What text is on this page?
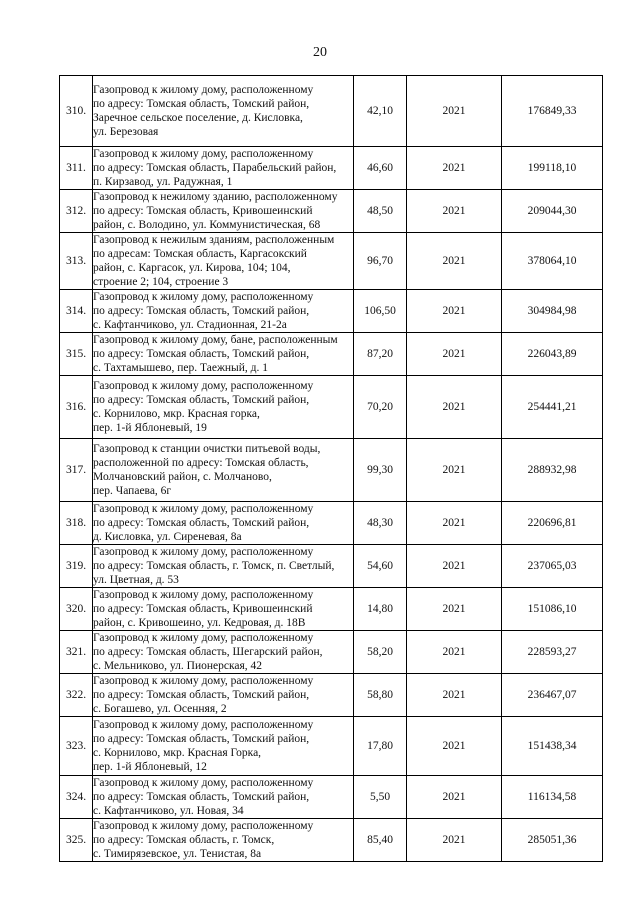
20
310.	Газопровод к жилому дому, расположенному
по адресу: Томская область, Томский район,
Заречное сельское поселение, д. Кисловка,
ул. Березовая	42,10	2021	176849,33
311.	Газопровод к жилому дому, расположенному
по адресу: Томская область, Парабельский район,
п. Кирзавод, ул. Радужная, 1	46,60	2021	199118,10
312.	Газопровод к нежилому зданию, расположенному
по адресу: Томская область, Кривошеинский
район, с. Володино, ул. Коммунистическая, 68	48,50	2021	209044,30
313.	Газопровод к нежилым зданиям, расположенным
по адресам: Томская область, Каргасокский
район, с. Каргасок, ул. Кирова, 104; 104,
строение 2; 104, строение 3	96,70	2021	378064,10
314.	Газопровод к жилому дому, расположенному
по адресу: Томская область, Томский район,
с. Кафтанчиково, ул. Стадионная, 21-2а	106,50	2021	304984,98
315.	Газопровод к жилому дому, бане, расположенным
по адресу: Томская область, Томский район,
с. Тахтамышево, пер. Таежный, д. 1	87,20	2021	226043,89
316.	Газопровод к жилому дому, расположенному
по адресу: Томская область, Томский район,
с. Корнилово, мкр. Красная горка,
пер. 1-й Яблоневый, 19	70,20	2021	254441,21
317.	Газопровод к станции очистки питьевой воды,
расположенной по адресу: Томская область,
Молчановский район, с. Молчаново,
пер. Чапаева, 6г	99,30	2021	288932,98
318.	Газопровод к жилому дому, расположенному
по адресу: Томская область, Томский район,
д. Кисловка, ул. Сиреневая, 8а	48,30	2021	220696,81
319.	Газопровод к жилому дому, расположенному
по адресу: Томская область, г. Томск, п. Светлый,
ул. Цветная, д. 53	54,60	2021	237065,03
320.	Газопровод к жилому дому, расположенному
по адресу: Томская область, Кривошеинский
район, с. Кривошеино, ул. Кедровая, д. 18В	14,80	2021	151086,10
321.	Газопровод к жилому дому, расположенному
по адресу: Томская область, Шегарский район,
с. Мельниково, ул. Пионерская, 42	58,20	2021	228593,27
322.	Газопровод к жилому дому, расположенному
по адресу: Томская область, Томский район,
с. Богашево, ул. Осенняя, 2	58,80	2021	236467,07
323.	Газопровод к жилому дому, расположенному
по адресу: Томская область, Томский район,
с. Корнилово, мкр. Красная Горка,
пер. 1-й Яблоневый, 12	17,80	2021	151438,34
324.	Газопровод к жилому дому, расположенному
по адресу: Томская область, Томский район,
с. Кафтанчиково, ул. Новая, 34	5,50	2021	116134,58
325.	Газопровод к жилому дому, расположенному
по адресу: Томская область, г. Томск,
с. Тимирязевское, ул. Тенистая, 8а	85,40	2021	285051,36
